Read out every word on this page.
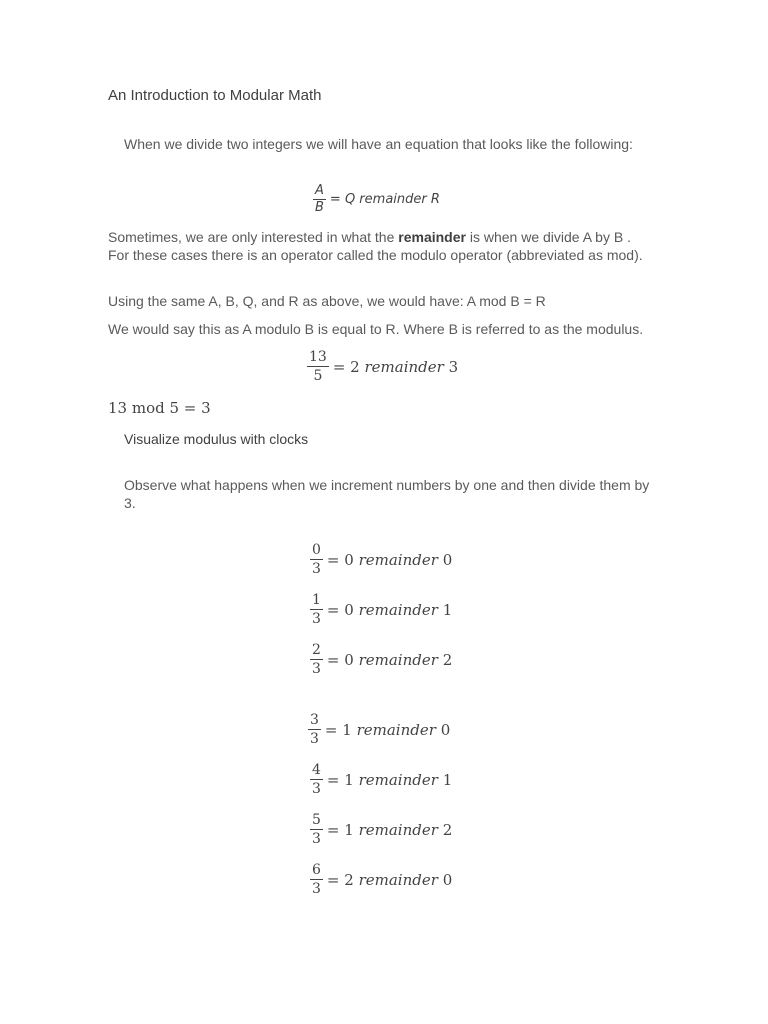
An Introduction to Modular Math
When we divide two integers we will have an equation that looks like the following:
$\frac{A}{B} = Q$ remainder R
Sometimes, we are only interested in what the remainder is when we divide A by B .
For these cases there is an operator called the modulo operator (abbreviated as mod).
Using the same A, B, Q, and R as above, we would have: A mod B = R
We would say this as A modulo B is equal to R. Where B is referred to as the modulus.
$\frac{13}{5} = 2$ remainder 3
13 mod 5 = 3
Visualize modulus with clocks
Observe what happens when we increment numbers by one and then divide them by 3.
$\frac{0}{3} = 0$ remainder 0
$\frac{1}{3} = 0$ remainder 1
$\frac{2}{3} = 0$ remainder 2
$\frac{3}{3} = 1$ remainder 0
$\frac{4}{3} = 1$ remainder 1
$\frac{5}{3} = 1$ remainder 2
$\frac{6}{3} = 2$ remainder 0
